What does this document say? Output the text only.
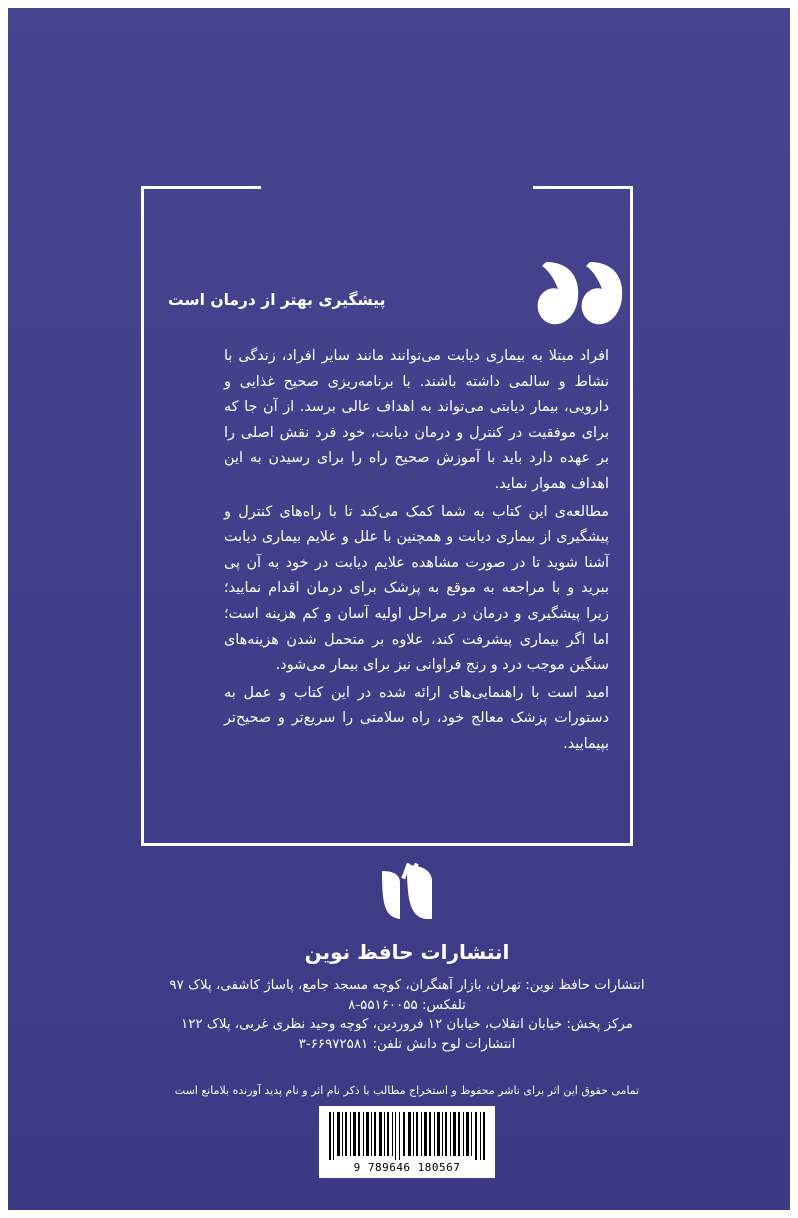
پیشگیری بهتر از درمان است

افراد مبتلا به بیماری دیابت می‌توانند مانند سایر افراد، زندگی با نشاط و سالمی داشته باشند. با برنامه‌ریزی صحیح غذایی و دارویی، بیمار دیابتی می‌تواند به اهداف عالی برسد. از آن جا که برای موفقیت در کنترل و درمان دیابت، خود فرد نقش اصلی را بر عهده دارد باید با آموزش صحیح راه را برای رسیدن به این اهداف هموار نماید.

مطالعه‌ی این کتاب به شما کمک می‌کند تا با راه‌های کنترل و پیشگیری از بیماری دیابت و همچنین با علل و علایم بیماری دیابت آشنا شوید تا در صورت مشاهده علایم دیابت در خود به آن پی ببرید و با مراجعه به موقع به پزشک برای درمان اقدام نمایید؛ زیرا پیشگیری و درمان در مراحل اولیه آسان و کم هزینه است؛ اما اگر بیماری پیشرفت کند، علاوه بر متحمل شدن هزینه‌های سنگین موجب درد و رنج فراوانی نیز برای بیمار می‌شود.

امید است با راهنمایی‌های ارائه شده در این کتاب و عمل به دستورات پزشک معالج خود، راه سلامتی را سریع‌تر و صحیح‌تر بپیمایید.

انتشارات حافظ نوین
انتشارات حافظ نوین: تهران، بازار آهنگران، کوچه مسجد جامع، پاساژ کاشفی، پلاک ۹۷
تلفکس: ۵۵۱۶۰۰۵۵-۸
مرکز پخش: خیابان انقلاب، خیابان ۱۲ فروردین، کوچه وحید نظری غربی، پلاک ۱۲۲
انتشارات لوح دانش تلفن: ۶۶۹۷۲۵۸۱-۳
تمامی حقوق این اثر برای ناشر محفوظ و استخراج مطالب با ذکر نام اثر و نام پدید آورنده بلامانع است
9 789646 180567
